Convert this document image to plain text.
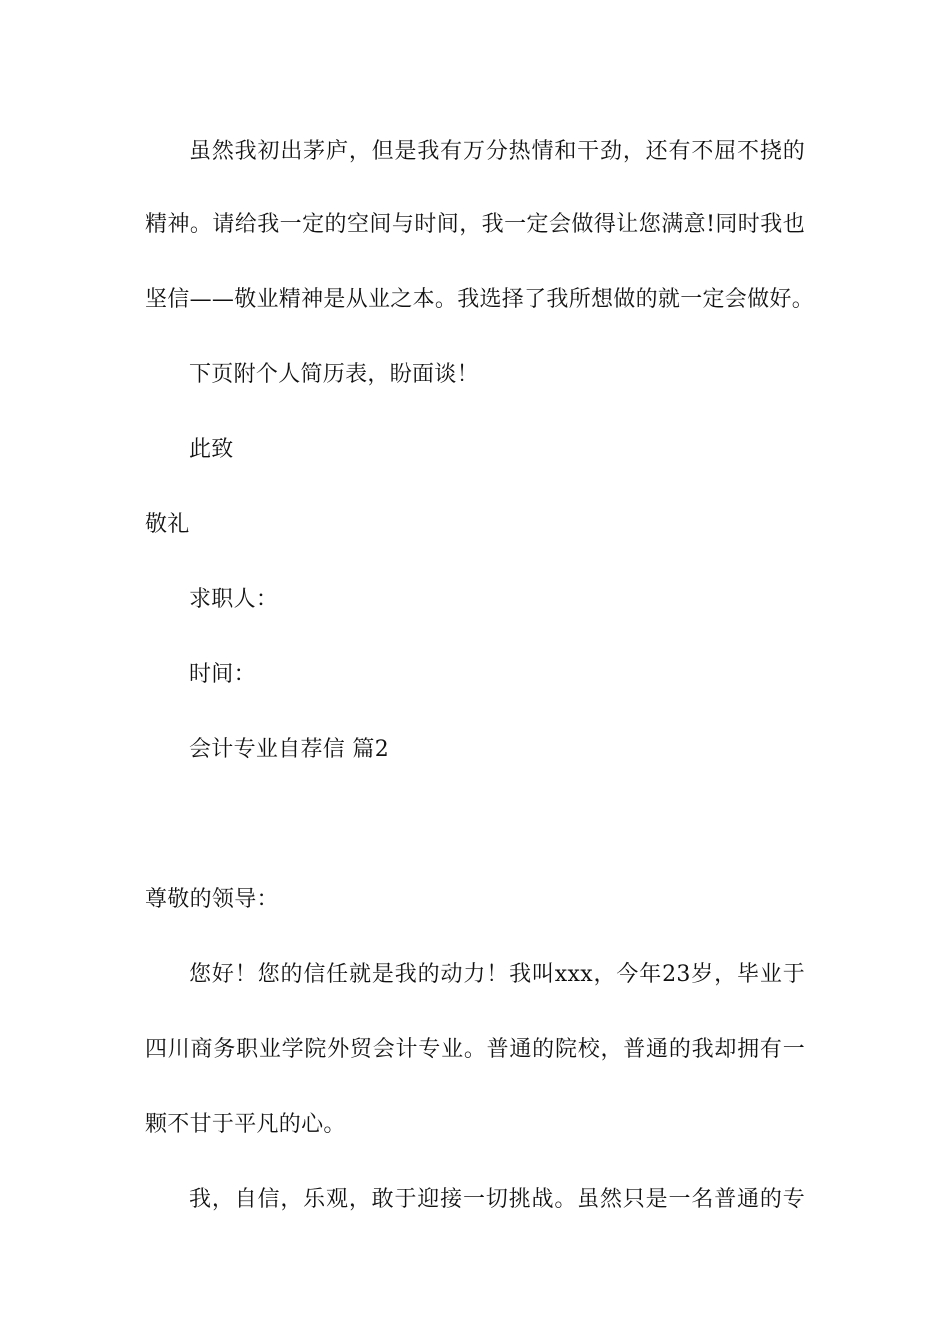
虽然我初出茅庐，但是我有万分热情和干劲，还有不屈不挠的
精神。请给我一定的空间与时间，我一定会做得让您满意!同时我也
坚信——敬业精神是从业之本。我选择了我所想做的就一定会做好。
下页附个人简历表，盼面谈！
此致
敬礼
求职人：
时间：
会计专业自荐信 篇2
尊敬的领导：
您好！您的信任就是我的动力！我叫xxx，今年23岁，毕业于
四川商务职业学院外贸会计专业。普通的院校，普通的我却拥有一
颗不甘于平凡的心。
我，自信，乐观，敢于迎接一切挑战。虽然只是一名普通的专
